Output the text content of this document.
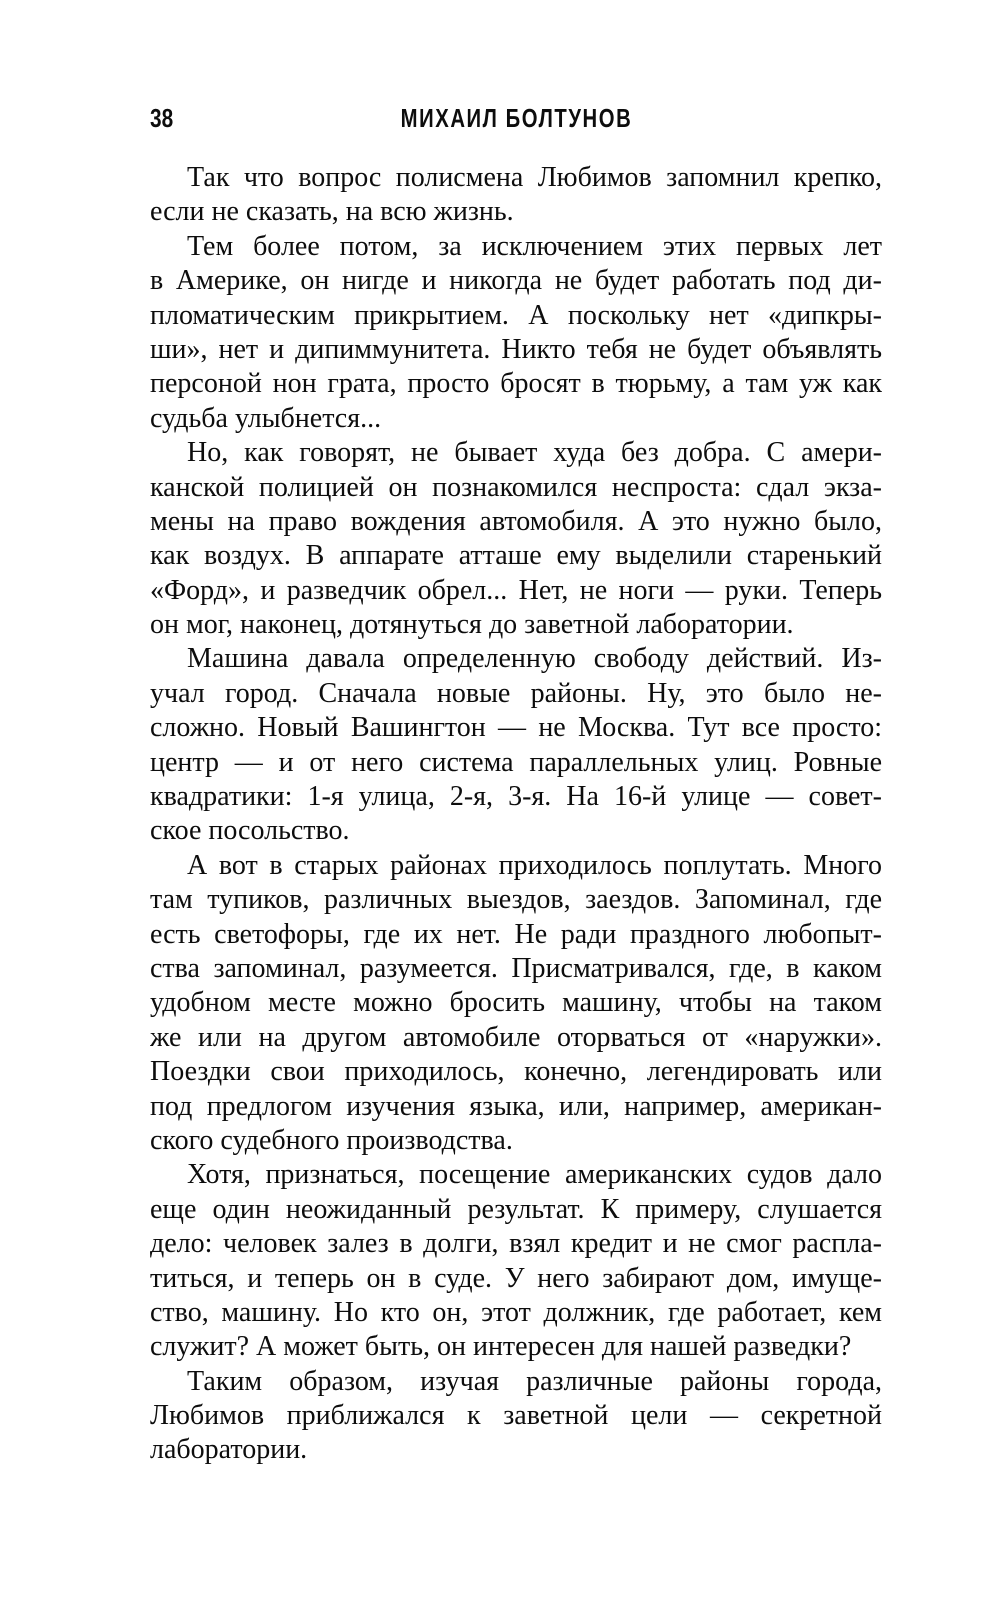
38	МИХАИЛ БОЛТУНОВ
Так что вопрос полисмена Любимов запомнил крепко,
если не сказать, на всю жизнь.
Тем более потом, за исключением этих первых лет
в Америке, он нигде и никогда не будет работать под ди-
пломатическим прикрытием. А поскольку нет «дипкры-
ши», нет и дипиммунитета. Никто тебя не будет объявлять
персоной нон грата, просто бросят в тюрьму, а там уж как
судьба улыбнется...
Но, как говорят, не бывает худа без добра. С амери-
канской полицией он познакомился неспроста: сдал экза-
мены на право вождения автомобиля. А это нужно было,
как воздух. В аппарате атташе ему выделили старенький
«Форд», и разведчик обрел... Нет, не ноги — руки. Теперь
он мог, наконец, дотянуться до заветной лаборатории.
Машина давала определенную свободу действий. Из-
учал город. Сначала новые районы. Ну, это было не-
сложно. Новый Вашингтон — не Москва. Тут все просто:
центр — и от него система параллельных улиц. Ровные
квадратики: 1-я улица, 2-я, 3-я. На 16-й улице — совет-
ское посольство.
А вот в старых районах приходилось поплутать. Много
там тупиков, различных выездов, заездов. Запоминал, где
есть светофоры, где их нет. Не ради праздного любопыт-
ства запоминал, разумеется. Присматривался, где, в каком
удобном месте можно бросить машину, чтобы на таком
же или на другом автомобиле оторваться от «наружки».
Поездки свои приходилось, конечно, легендировать или
под предлогом изучения языка, или, например, американ-
ского судебного производства.
Хотя, признаться, посещение американских судов дало
еще один неожиданный результат. К примеру, слушается
дело: человек залез в долги, взял кредит и не смог распла-
титься, и теперь он в суде. У него забирают дом, имуще-
ство, машину. Но кто он, этот должник, где работает, кем
служит? А может быть, он интересен для нашей разведки?
Таким образом, изучая различные районы города,
Любимов приближался к заветной цели — секретной
лаборатории.
